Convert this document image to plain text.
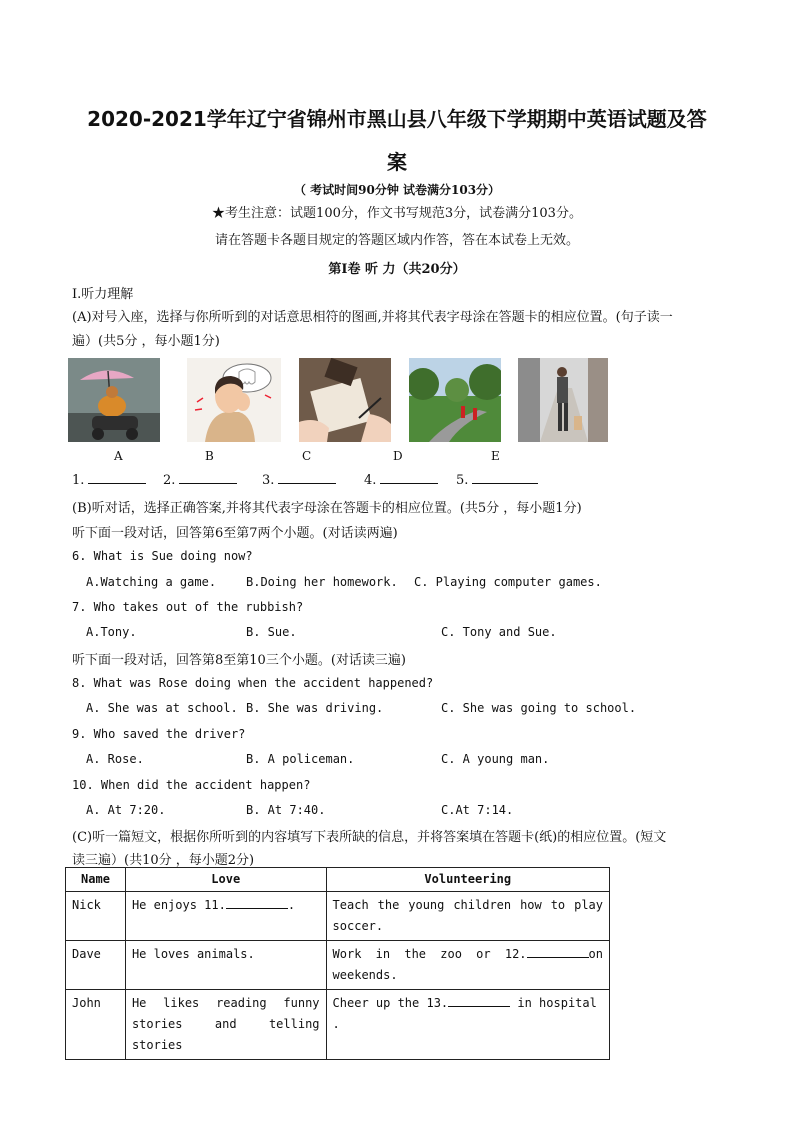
2020-2021学年辽宁省锦州市黑山县八年级下学期期中英语试题及答
案
（ 考试时间90分钟 试卷满分103分）
★考生注意：试题100分，作文书写规范3分，试卷满分103分。
请在答题卡各题目规定的答题区域内作答，答在本试卷上无效。
第Ⅰ卷 听 力（共20分）
I.听力理解
(A)对号入座，选择与你所听到的对话意思相符的图画,并将其代表字母涂在答题卡的相应位置。(句子读一
遍）(共5分 ，每小题1分)
A	B	C	D	E
1.	2.	3.	4.	5.
(B)听对话，选择正确答案,并将其代表字母涂在答题卡的相应位置。(共5分 ，每小题1分)
听下面一段对话，回答第6至第7两个小题。(对话读两遍)
6. What is Sue doing now?
A.Watching a game. B.Doing her homework. C. Playing computer games.
7. Who takes out of the rubbish?
A.Tony.	B. Sue.	C. Tony and Sue.
听下面一段对话，回答第8至第10三个小题。(对话读三遍)
8. What was Rose doing when the accident happened?
A. She was at school. B. She was driving.	C. She was going to school.
9. Who saved the driver?
A. Rose.	B. A policeman.	C. A young man.
10. When did the accident happen?
A. At 7:20.	B. At 7:40.	C.At 7:14.
(C)听一篇短文，根据你所听到的内容填写下表所缺的信息，并将答案填在答题卡(纸)的相应位置。(短文
读三遍）(共10分 ，每小题2分)
Name	Love	Volunteering
Nick	He enjoys 11. .	Teach the young children how to play soccer.
Dave	He loves animals.	Work in the zoo or 12. on weekends.
John	He likes reading funny stories and telling stories	Cheer up the 13. in hospital .
